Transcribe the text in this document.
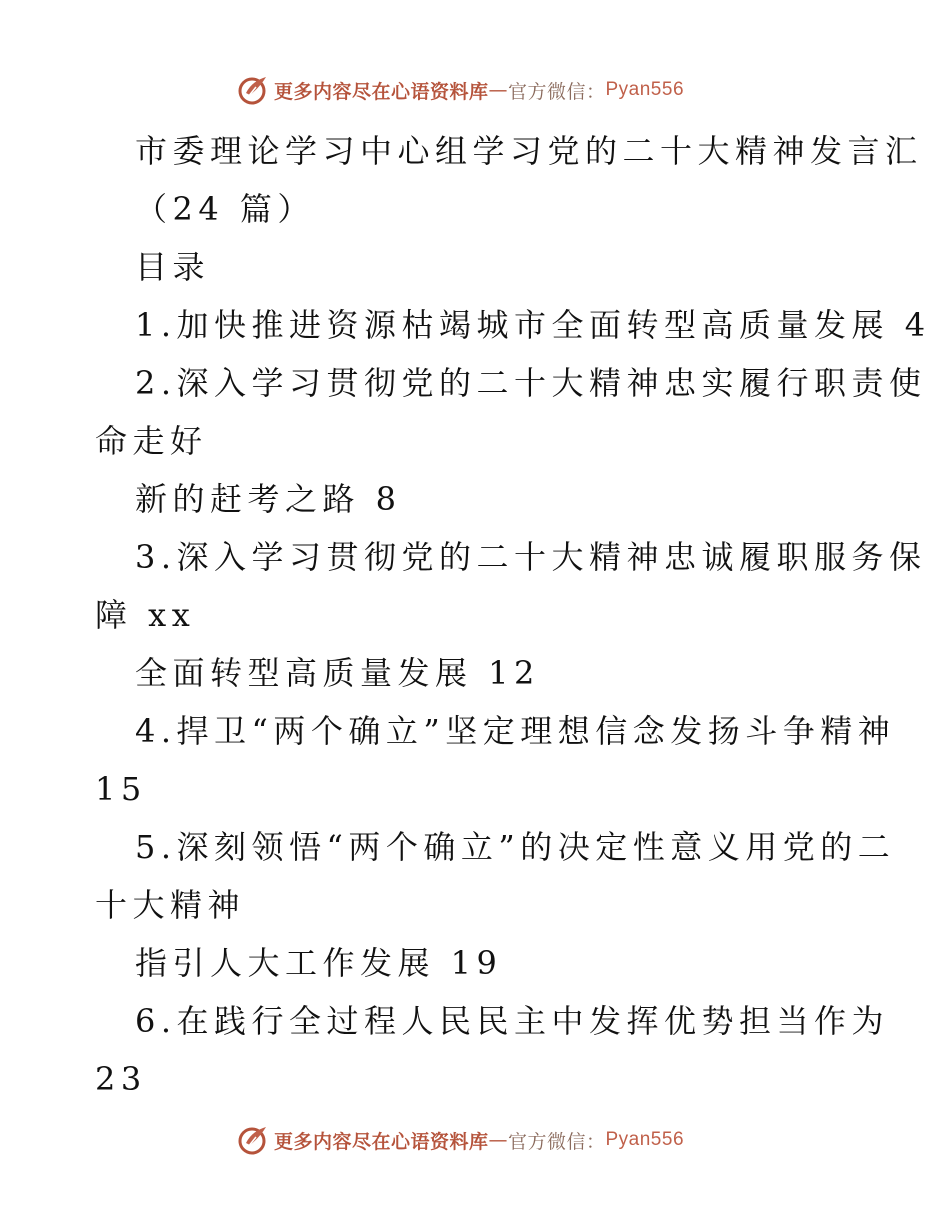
更多内容尽在心语资料库 — 官方微信： Pyan556
市委理论学习中心组学习党的二十大精神发言汇
（24 篇）
目录
1.加快推进资源枯竭城市全面转型高质量发展 4
2.深入学习贯彻党的二十大精神忠实履行职责使
命走好
新的赶考之路 8
3.深入学习贯彻党的二十大精神忠诚履职服务保
障 xx
全面转型高质量发展 12
4.捍卫“两个确立”坚定理想信念发扬斗争精神
15
5.深刻领悟“两个确立”的决定性意义用党的二
十大精神
指引人大工作发展 19
6.在践行全过程人民民主中发挥优势担当作为
23
更多内容尽在心语资料库 — 官方微信： Pyan556
